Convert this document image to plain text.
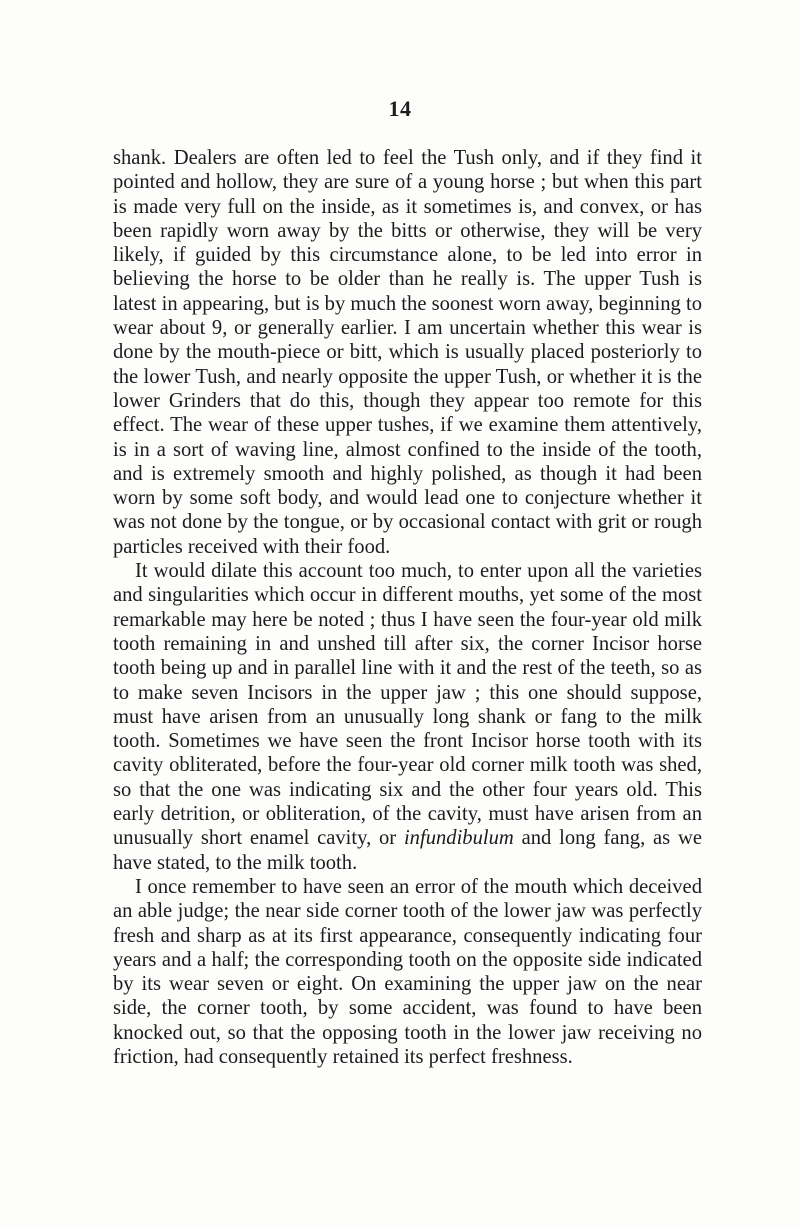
14

shank. Dealers are often led to feel the Tush only, and if they find it pointed and hollow, they are sure of a young horse ; but when this part is made very full on the inside, as it sometimes is, and convex, or has been rapidly worn away by the bitts or otherwise, they will be very likely, if guided by this circumstance alone, to be led into error in believing the horse to be older than he really is. The upper Tush is latest in appearing, but is by much the soonest worn away, beginning to wear about 9, or generally earlier. I am uncertain whether this wear is done by the mouth-piece or bitt, which is usually placed posteriorly to the lower Tush, and nearly opposite the upper Tush, or whether it is the lower Grinders that do this, though they appear too remote for this effect. The wear of these upper tushes, if we examine them attentively, is in a sort of waving line, almost confined to the inside of the tooth, and is extremely smooth and highly polished, as though it had been worn by some soft body, and would lead one to conjecture whether it was not done by the tongue, or by occasional contact with grit or rough particles received with their food.

It would dilate this account too much, to enter upon all the varieties and singularities which occur in different mouths, yet some of the most remarkable may here be noted ; thus I have seen the four-year old milk tooth remaining in and unshed till after six, the corner Incisor horse tooth being up and in parallel line with it and the rest of the teeth, so as to make seven Incisors in the upper jaw ; this one should suppose, must have arisen from an unusually long shank or fang to the milk tooth. Sometimes we have seen the front Incisor horse tooth with its cavity obliterated, before the four-year old corner milk tooth was shed, so that the one was indicating six and the other four years old. This early detrition, or obliteration, of the cavity, must have arisen from an unusually short enamel cavity, or infundibulum and long fang, as we have stated, to the milk tooth.

I once remember to have seen an error of the mouth which deceived an able judge; the near side corner tooth of the lower jaw was perfectly fresh and sharp as at its first appearance, consequently indicating four years and a half; the corresponding tooth on the opposite side indicated by its wear seven or eight. On examining the upper jaw on the near side, the corner tooth, by some accident, was found to have been knocked out, so that the opposing tooth in the lower jaw receiving no friction, had consequently retained its perfect freshness.
